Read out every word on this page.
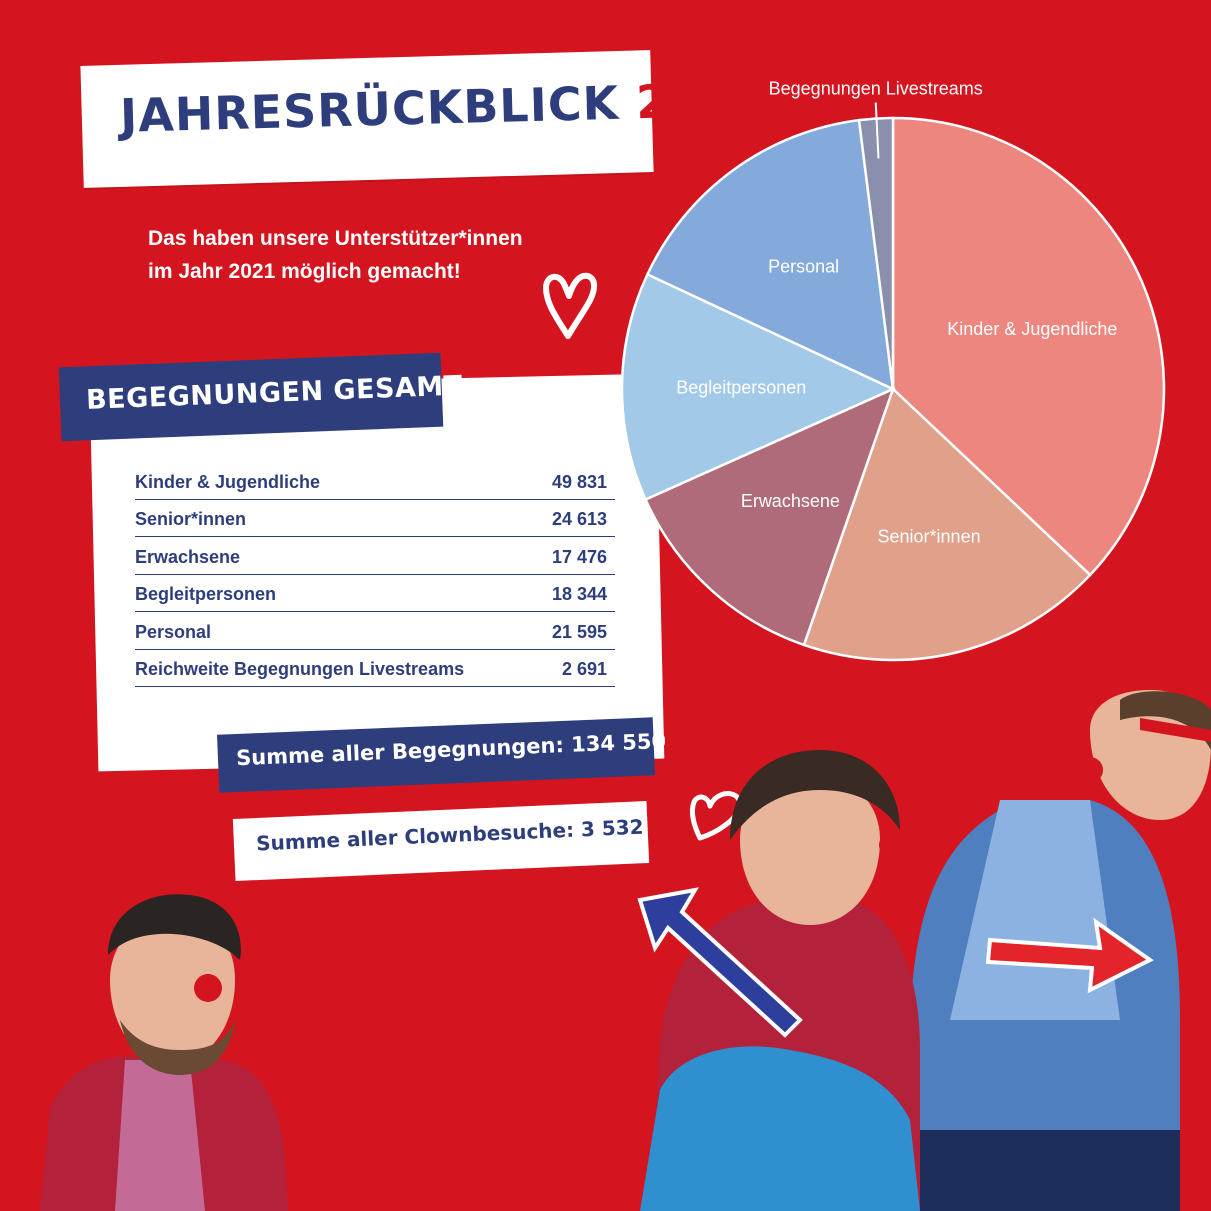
JAHRESRÜCKBLICK 2021
Das haben unsere Unterstützer*innen
im Jahr 2021 möglich gemacht!
BEGEGNUNGEN GESAMT
Kinder & Jugendliche	49 831
Senior*innen	24 613
Erwachsene	17 476
Begleitpersonen	18 344
Personal	21 595
Reichweite Begegnungen Livestreams	2 691
Summe aller Begegnungen: 134 550
Summe aller Clownbesuche: 3 532
Kinder & Jugendliche
Senior*innen
Erwachsene
Begleitpersonen
Personal
Begegnungen Livestreams
